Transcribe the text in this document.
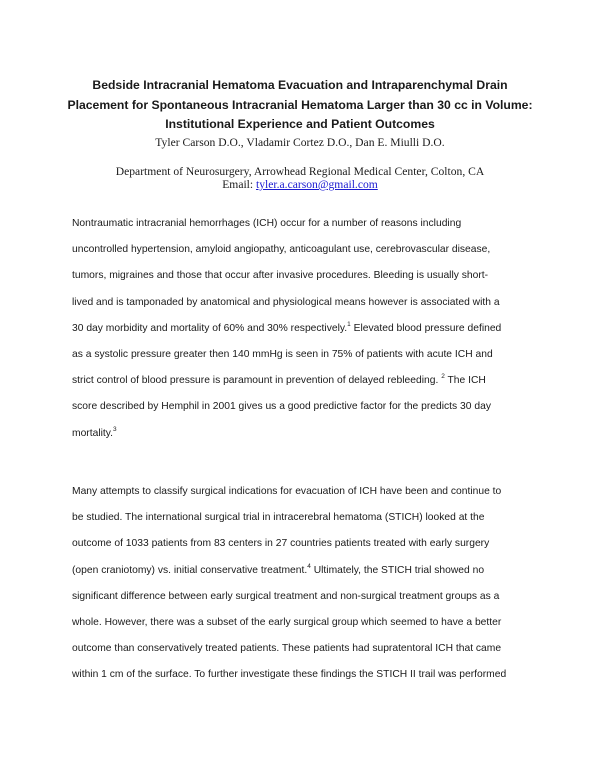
Bedside Intracranial Hematoma Evacuation and Intraparenchymal Drain
Placement for Spontaneous Intracranial Hematoma Larger than 30 cc in Volume:
Institutional Experience and Patient Outcomes
Tyler Carson D.O., Vladamir Cortez D.O., Dan E. Miulli D.O.
Department of Neurosurgery, Arrowhead Regional Medical Center, Colton, CA
Email: tyler.a.carson@gmail.com
Nontraumatic intracranial hemorrhages (ICH) occur for a number of reasons including
uncontrolled hypertension, amyloid angiopathy, anticoagulant use, cerebrovascular disease,
tumors, migraines and those that occur after invasive procedures. Bleeding is usually short-
lived and is tamponaded by anatomical and physiological means however is associated with a
30 day morbidity and mortality of 60% and 30% respectively.$^1$ Elevated blood pressure defined
as a systolic pressure greater then 140 mmHg is seen in 75% of patients with acute ICH and
strict control of blood pressure is paramount in prevention of delayed rebleeding. $^2$ The ICH
score described by Hemphil in 2001 gives us a good predictive factor for the predicts 30 day
mortality.$^3$
Many attempts to classify surgical indications for evacuation of ICH have been and continue to
be studied. The international surgical trial in intracerebral hematoma (STICH) looked at the
outcome of 1033 patients from 83 centers in 27 countries patients treated with early surgery
(open craniotomy) vs. initial conservative treatment.$^4$ Ultimately, the STICH trial showed no
significant difference between early surgical treatment and non-surgical treatment groups as a
whole. However, there was a subset of the early surgical group which seemed to have a better
outcome than conservatively treated patients. These patients had supratentoral ICH that came
within 1 cm of the surface. To further investigate these findings the STICH II trail was performed
